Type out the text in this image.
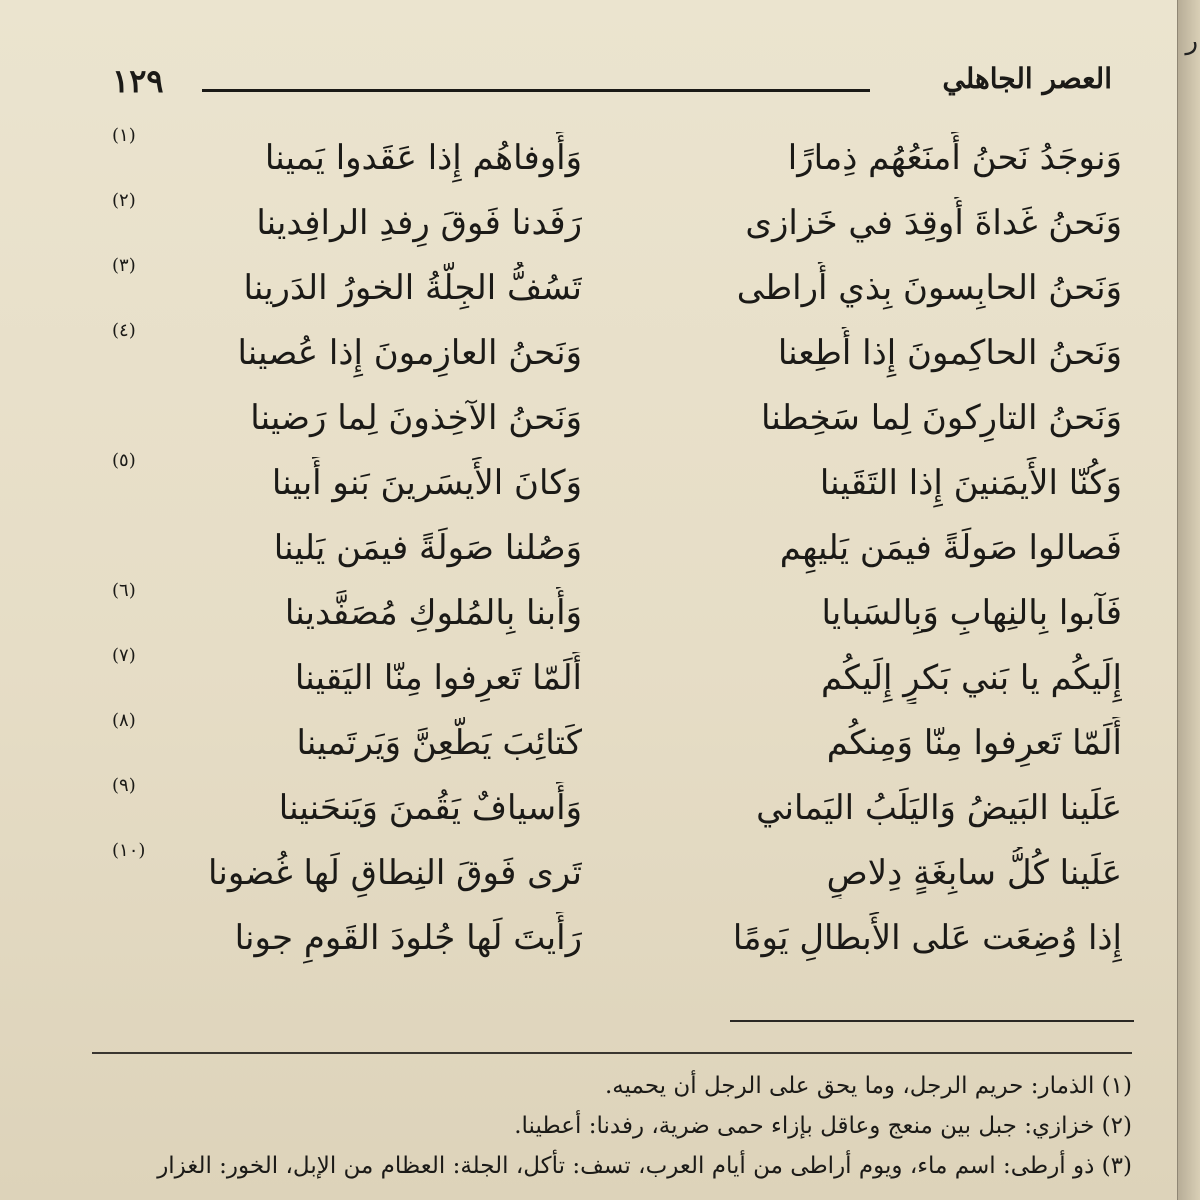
ر
١٢٩	العصر الجاهلي
وَنوجَدُ نَحنُ أَمنَعُهُم ذِمارًا
وَأَوفاهُم إِذا عَقَدوا يَمينا
(١)
وَنَحنُ غَداةَ أُوقِدَ في خَزازى
رَفَدنا فَوقَ رِفدِ الرافِدينا
(٢)
وَنَحنُ الحابِسونَ بِذي أُراطى
تَسُفُّ الجِلَّةُ الخورُ الدَرينا
(٣)
وَنَحنُ الحاكِمونَ إِذا أُطِعنا
وَنَحنُ العازِمونَ إِذا عُصينا
(٤)
وَنَحنُ التارِكونَ لِما سَخِطنا
وَنَحنُ الآخِذونَ لِما رَضينا
وَكُنّا الأَيمَنينَ إِذا التَقَينا
وَكانَ الأَيسَرينَ بَنو أَبينا
(٥)
فَصالوا صَولَةً فيمَن يَليهِم
وَصُلنا صَولَةً فيمَن يَلينا
فَآبوا بِالنِهابِ وَبِالسَبايا
وَأُبنا بِالمُلوكِ مُصَفَّدينا
(٦)
إِلَيكُم يا بَني بَكرٍ إِلَيكُم
أَلَمّا تَعرِفوا مِنّا اليَقينا
(٧)
أَلَمّا تَعرِفوا مِنّا وَمِنكُم
كَتائِبَ يَطَّعِنَّ وَيَرتَمينا
(٨)
عَلَينا البَيضُ وَاليَلَبُ اليَماني
وَأَسيافٌ يَقُمنَ وَيَنحَنينا
(٩)
عَلَينا كُلُّ سابِغَةٍ دِلاصٍ
تَرى فَوقَ النِطاقِ لَها غُضونا
(١٠)
إِذا وُضِعَت عَلى الأَبطالِ يَومًا
رَأَيتَ لَها جُلودَ القَومِ جونا
(١) الذمار: حريم الرجل، وما يحق على الرجل أن يحميه.
(٢) خزازي: جبل بين منعج وعاقل بإزاء حمى ضرية، رفدنا: أعطينا.
(٣) ذو أرطى: اسم ماء، ويوم أراطى من أيام العرب، تسف: تأكل، الجلة: العظام من الإبل، الخور: الغزار
